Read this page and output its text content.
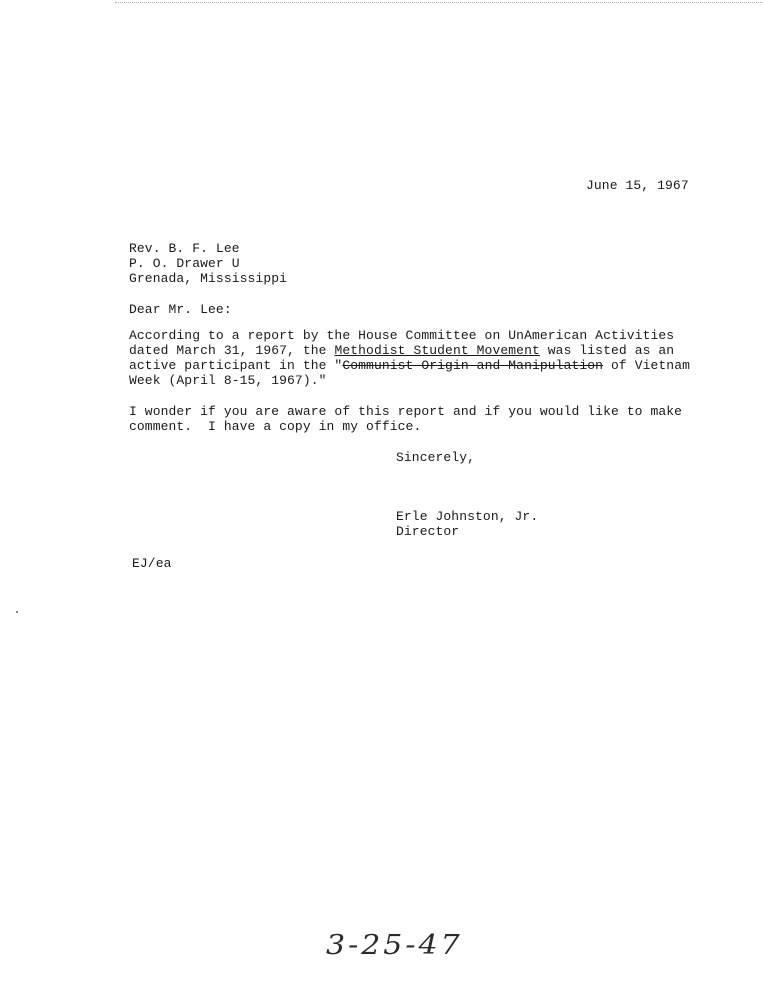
June 15, 1967
Rev. B. F. Lee
P. O. Drawer U
Grenada, Mississippi
Dear Mr. Lee:
According to a report by the House Committee on UnAmerican Activities
dated March 31, 1967, the Methodist Student Movement was listed as an
active participant in the "Communist Origin and Manipulation of Vietnam
Week (April 8-15, 1967)."
I wonder if you are aware of this report and if you would like to make
comment.  I have a copy in my office.
Sincerely,
Erle Johnston, Jr.
Director
EJ/ea
3-25-47
